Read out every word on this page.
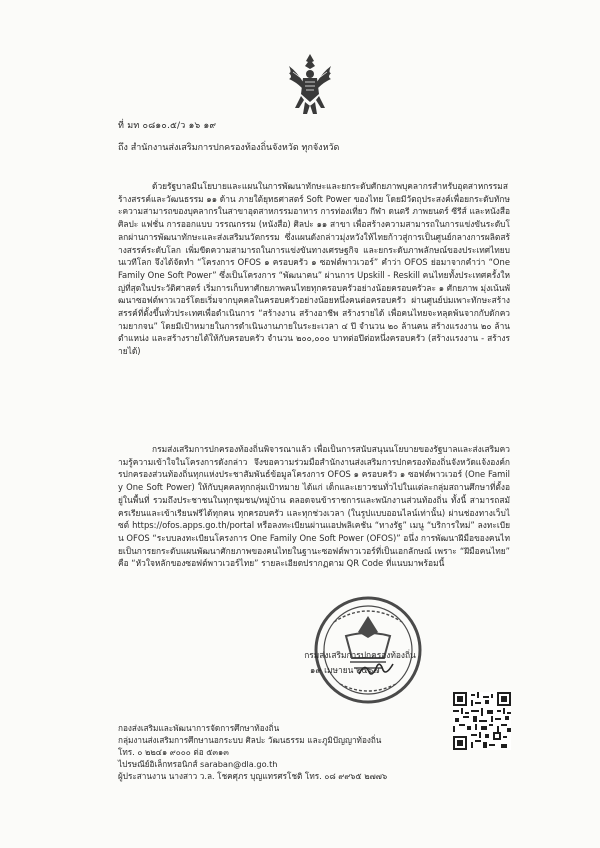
ที่ มท ๐๘๑๐.๕/ว ๑๖ ๑๙
ถึง สำนักงานส่งเสริมการปกครองท้องถิ่นจังหวัด ทุกจังหวัด
ด้วยรัฐบาลมีนโยบายและแผนในการพัฒนาทักษะและยกระดับศักยภาพบุคลากรสำหรับอุตสาหกรรมสร้างสรรค์และวัฒนธรรม ๑๑ ด้าน ภายใต้ยุทธศาสตร์ Soft Power ของไทย โดยมีวัตถุประสงค์เพื่อยกระดับทักษะความสามารถของบุคลากรในสาขาอุตสาหกรรมอาหาร การท่องเที่ยว กีฬา ดนตรี ภาพยนตร์ ซีรีส์ และหนังสือ ศิลปะ แฟชั่น การออกแบบ วรรณกรรม (หนังสือ) ศิลปะ ๑๑ สาขา เพื่อสร้างความสามารถในการแข่งขันระดับโลกผ่านการพัฒนาทักษะและส่งเสริมนวัตกรรม ซึ่งแผนดังกล่าวมุ่งหวังให้ไทยก้าวสู่การเป็นศูนย์กลางการผลิตสร้างสรรค์ระดับโลก เพิ่มขีดความสามารถในการแข่งขันทางเศรษฐกิจ และยกระดับภาพลักษณ์ของประเทศไทยบนเวทีโลก จึงได้จัดทำ “โครงการ OFOS ๑ ครอบครัว ๑ ซอฟต์พาวเวอร์” คำว่า OFOS ย่อมาจากคำว่า “One Family One Soft Power” ซึ่งเป็นโครงการ “พัฒนาคน” ผ่านการ Upskill - Reskill คนไทยทั้งประเทศครั้งใหญ่ที่สุดในประวัติศาสตร์ เริ่มการเก็บหาศักยภาพคนไทยทุกครอบครัวอย่างน้อยครอบครัวละ ๑ ศักยภาพ มุ่งเน้นพัฒนาซอฟต์พาวเวอร์โดยเริ่มจากบุคคลในครอบครัวอย่างน้อยหนึ่งคนต่อครอบครัว ผ่านศูนย์บ่มเพาะทักษะสร้างสรรค์ที่ตั้งขึ้นทั่วประเทศเพื่อดำเนินการ “สร้างงาน สร้างอาชีพ สร้างรายได้ เพื่อคนไทยจะหลุดพ้นจากกับดักความยากจน” โดยมีเป้าหมายในการดำเนินงานภายในระยะเวลา ๔ ปี จำนวน ๒๐ ล้านคน สร้างแรงงาน ๒๐ ล้านตำแหน่ง และสร้างรายได้ให้กับครอบครัว จำนวน ๒๐๐,๐๐๐ บาทต่อปีต่อหนึ่งครอบครัว (สร้างแรงงาน - สร้างรายได้)
กรมส่งเสริมการปกครองท้องถิ่นพิจารณาแล้ว เพื่อเป็นการสนับสนุนนโยบายของรัฐบาลและส่งเสริมความรู้ความเข้าใจในโครงการดังกล่าว จึงขอความร่วมมือสำนักงานส่งเสริมการปกครองท้องถิ่นจังหวัดแจ้งองค์กรปกครองส่วนท้องถิ่นทุกแห่งประชาสัมพันธ์ข้อมูลโครงการ OFOS ๑ ครอบครัว ๑ ซอฟต์พาวเวอร์ (One Family One Soft Power) ให้กับบุคคลทุกกลุ่มเป้าหมาย ได้แก่ เด็กและเยาวชนทั่วไปในแต่ละกลุ่มสถานศึกษาที่ตั้งอยู่ในพื้นที่ รวมถึงประชาชนในทุกชุมชน/หมู่บ้าน ตลอดจนข้าราชการและพนักงานส่วนท้องถิ่น ทั้งนี้ สามารถสมัครเรียนและเข้าเรียนฟรีได้ทุกคน ทุกครอบครัว และทุกช่วงเวลา (ในรูปแบบออนไลน์เท่านั้น) ผ่านช่องทางเว็บไซต์ https://ofos.apps.go.th/portal หรือลงทะเบียนผ่านแอปพลิเคชัน “ทางรัฐ” เมนู “บริการใหม่” ลงทะเบียน OFOS “ระบบลงทะเบียนโครงการ One Family One Soft Power (OFOS)” อนึ่ง การพัฒนาฝีมือของคนไทยเป็นการยกระดับแผนพัฒนาศักยภาพของคนไทยในฐานะซอฟต์พาวเวอร์ที่เป็นเอกลักษณ์ เพราะ “ฝีมือคนไทย” คือ “หัวใจหลักของซอฟต์พาวเวอร์ไทย” รายละเอียดปรากฏตาม QR Code ที่แนบมาพร้อมนี้
กรมส่งเสริมการปกครองท้องถิ่น
๑๙ เมษายน ๒๕๖๗
กองส่งเสริมและพัฒนาการจัดการศึกษาท้องถิ่น
กลุ่มงานส่งเสริมการศึกษานอกระบบ ศิลปะ วัฒนธรรม และภูมิปัญญาท้องถิ่น
โทร. ๐ ๒๒๔๑ ๙๐๐๐ ต่อ ๕๓๑๓
ไปรษณีย์อิเล็กทรอนิกส์ saraban@dla.go.th
ผู้ประสานงาน นางสาว ว.ล. โชคศุภร บุญแทรศรโชติ โทร. ๐๘ ๙๙๖๕ ๒๗๗๖
